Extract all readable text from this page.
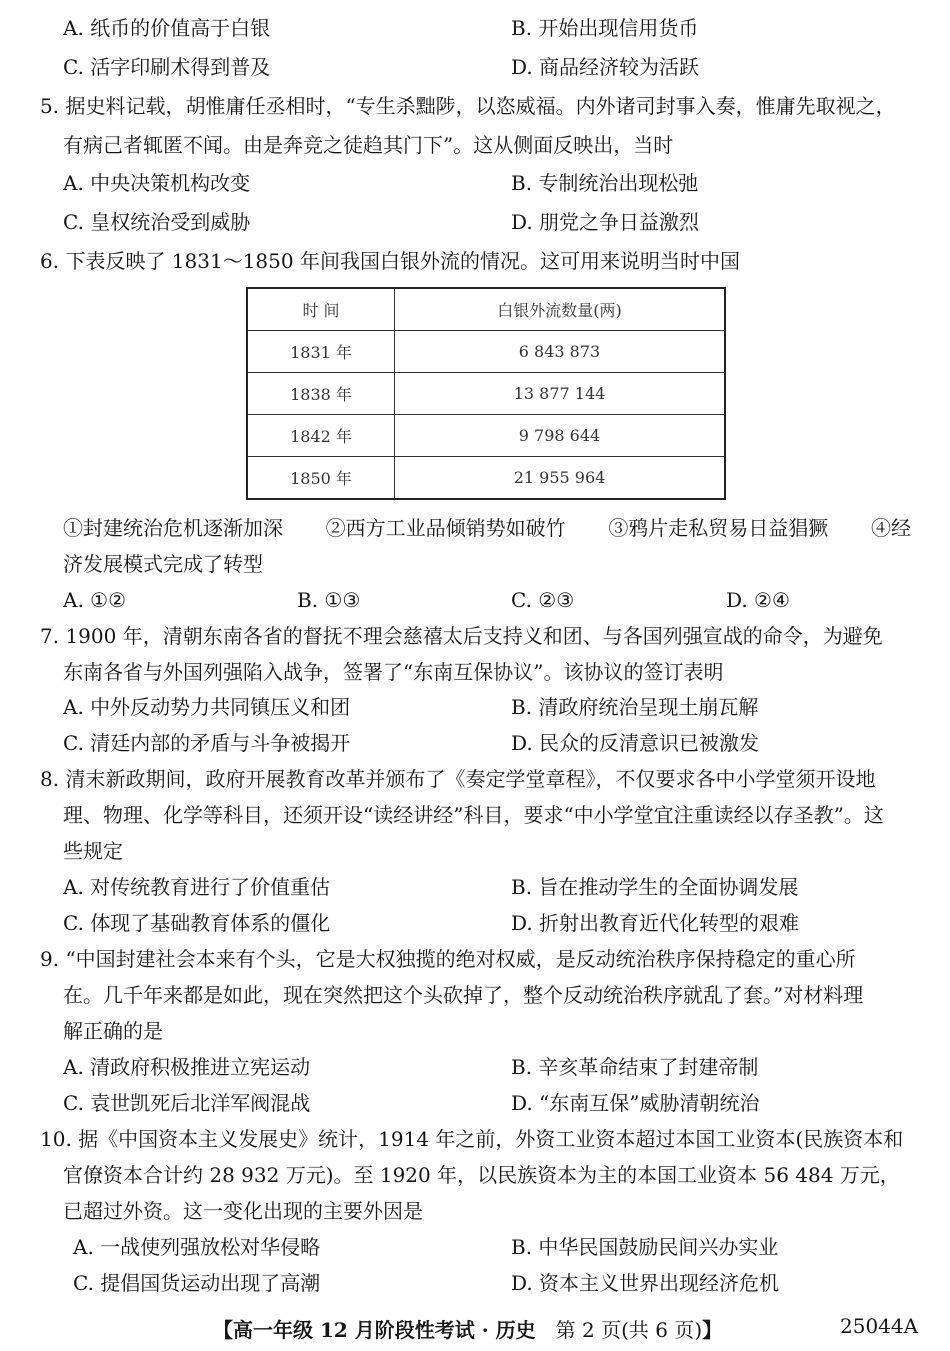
A. 纸币的价值高于白银	B. 开始出现信用货币
C. 活字印刷术得到普及	D. 商品经济较为活跃
5. 据史料记载，胡惟庸任丞相时，“专生杀黜陟，以恣威福。内外诸司封事入奏，惟庸先取视之，
有病己者辄匿不闻。由是奔竞之徒趋其门下”。这从侧面反映出，当时
A. 中央决策机构改变	B. 专制统治出现松弛
C. 皇权统治受到威胁	D. 朋党之争日益激烈
6. 下表反映了 1831～1850 年间我国白银外流的情况。这可用来说明当时中国
时 间	白银外流数量(两)
1831 年	6 843 873
1838 年	13 877 144
1842 年	9 798 644
1850 年	21 955 964
①封建统治危机逐渐加深 ②西方工业品倾销势如破竹 ③鸦片走私贸易日益猖獗 ④经
济发展模式完成了转型
A. ①②	B. ①③	C. ②③	D. ②④
7. 1900 年，清朝东南各省的督抚不理会慈禧太后支持义和团、与各国列强宣战的命令，为避免
东南各省与外国列强陷入战争，签署了“东南互保协议”。该协议的签订表明
A. 中外反动势力共同镇压义和团	B. 清政府统治呈现土崩瓦解
C. 清廷内部的矛盾与斗争被揭开	D. 民众的反清意识已被激发
8. 清末新政期间，政府开展教育改革并颁布了《奏定学堂章程》，不仅要求各中小学堂须开设地
理、物理、化学等科目，还须开设“读经讲经”科目，要求“中小学堂宜注重读经以存圣教”。这
些规定
A. 对传统教育进行了价值重估	B. 旨在推动学生的全面协调发展
C. 体现了基础教育体系的僵化	D. 折射出教育近代化转型的艰难
9. “中国封建社会本来有个头，它是大权独揽的绝对权威，是反动统治秩序保持稳定的重心所
在。几千年来都是如此，现在突然把这个头砍掉了，整个反动统治秩序就乱了套。”对材料理
解正确的是
A. 清政府积极推进立宪运动	B. 辛亥革命结束了封建帝制
C. 袁世凯死后北洋军阀混战	D. “东南互保”威胁清朝统治
10. 据《中国资本主义发展史》统计，1914 年之前，外资工业资本超过本国工业资本(民族资本和
官僚资本合计约 28 932 万元)。至 1920 年，以民族资本为主的本国工业资本 56 484 万元，
已超过外资。这一变化出现的主要外因是
A. 一战使列强放松对华侵略	B. 中华民国鼓励民间兴办实业
C. 提倡国货运动出现了高潮	D. 资本主义世界出现经济危机
【高一年级 12 月阶段性考试 · 历史　第 2 页(共 6 页)】	25044A
